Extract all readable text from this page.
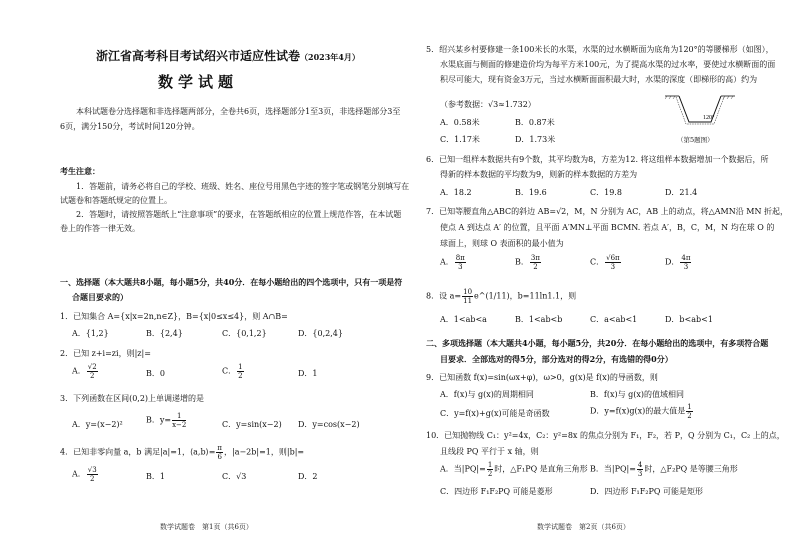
浙江省高考科目考试绍兴市适应性试卷（2023年4月）
数学试题
本科试题卷分选择题和非选择题两部分，全卷共6页，选择题部分1至3页，非选择题部分3至
6页，满分150分，考试时间120分钟。
考生注意：
1．答题前，请务必将自己的学校、班级、姓名、座位号用黑色字迹的签字笔或钢笔分别填写在
试题卷和答题纸规定的位置上。
2．答题时，请按照答题纸上“注意事项”的要求，在答题纸相应的位置上规范作答，在本试题
卷上的作答一律无效。
一、选择题（本大题共8小题，每小题5分，共40分．在每小题给出的四个选项中，只有一项是符
合题目要求的）
1．已知集合 A={x|x=2n,n∈Z}，B={x|0≤x≤4}，则 A∩B=
A．{1,2}	B．{2,4}	C．{0,1,2}	D．{0,2,4}
2．已知 z+i=zi，则|z|=
A． $\frac{√2}{2}$	B．0	C． $\frac{1}{2}$	D．1
3．下列函数在区间(0,2)上单调递增的是
A．y=(x−2)²	B．$y= \frac{1}{x-2}$	C．y=sin(x−2) D．y=cos(x−2)
4．已知非零向量 a，b 满足|a|=1，⟨a,b⟩= $\frac{\pi}{6}$ ，|a−2b|=1，则|b|=
A． $\frac{√3}{2}$	B．1	C．√3	D．2
数学试题卷　第1页（共6页）
5．绍兴某乡村要修建一条100米长的水渠，水渠的过水横断面为底角为120°的等腰梯形（如图），
水渠底面与侧面的修建造价均为每平方米100元，为了提高水渠的过水率，要使过水横断面的面
积尽可能大，现有资金3万元，当过水横断面面积最大时，水渠的深度（即梯形的高）约为
（参考数据：√3≈1.732）
A．0.58米	B．0.87米
C．1.17米	D．1.73米
120°
（第5题图）
6．已知一组样本数据共有9个数，其平均数为8，方差为12. 将这组样本数据增加一个数据后，所
得新的样本数据的平均数为9，则新的样本数据的方差为
A．18.2	B．19.6	C．19.8	D．21.4
7．已知等腰直角△ABC的斜边 AB=√2，M，N 分别为 AC，AB 上的动点，将△AMN沿 MN 折起，
使点 A 到达点 A′ 的位置，且平面 A′MN⊥平面 BCMN. 若点 A′，B，C，M，N 均在球 O 的
球面上，则球 O 表面积的最小值为
A． $\frac{8\pi}{3}$	B． $\frac{3\pi}{2}$	C． $\frac{√6\pi}{3}$	D． $\frac{4\pi}{3}$
8．设 $a= \frac{10}{11}$ e^(1/11)，b=11ln1.1，则
A．1<ab<a	B．1<ab<b	C．a<ab<1	D．b<ab<1
二、多项选择题（本大题共4小题，每小题5分，共20分．在每小题给出的选项中，有多项符合题
目要求．全部选对的得5分，部分选对的得2分，有选错的得0分）
9．已知函数 f(x)=sin(ωx+φ)，ω>0，g(x)是 f(x)的导函数，则
A．f(x)与 g(x)的周期相同	B．f(x)与 g(x)的值域相同
C．y=f(x)+g(x)可能是奇函数	D．y=f(x)g(x)的最大值是 $\frac{1}{2}$
10．已知抛物线 C₁：y²=4x，C₂：y²=8x 的焦点分别为 F₁，F₂，若 P，Q 分别为 C₁，C₂ 上的点，
且线段 PQ 平行于 x 轴，则
A．当$|PQ|= \frac{1}{2}$ 时，△F₁PQ 是直角三角形 B．当$|PQ|= \frac{4}{3}$ 时，△F₂PQ 是等腰三角形
C．四边形 F₁F₂PQ 可能是菱形	D．四边形 F₁F₂PQ 可能是矩形
数学试题卷　第2页（共6页）
